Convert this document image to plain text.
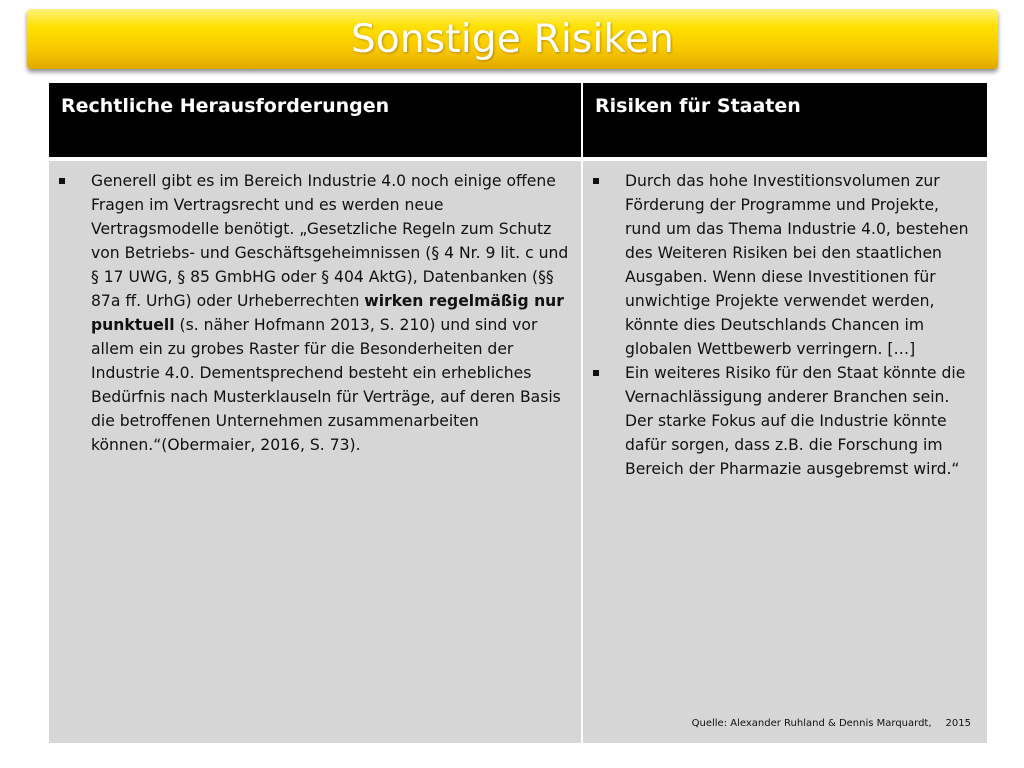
Sonstige Risiken
Rechtliche Herausforderungen
Generell gibt es im Bereich Industrie 4.0 noch einige offene Fragen im Vertragsrecht und es werden neue Vertragsmodelle benötigt. „Gesetzliche Regeln zum Schutz von Betriebs- und Geschäftsgeheimnissen (§ 4 Nr. 9 lit. c und § 17 UWG, § 85 GmbHG oder § 404 AktG), Datenbanken (§§ 87a ff. UrhG) oder Urheberrechten wirken regelmäßig nur punktuell (s. näher Hofmann 2013, S. 210) und sind vor allem ein zu grobes Raster für die Besonderheiten der Industrie 4.0. Dementsprechend besteht ein erhebliches Bedürfnis nach Musterklauseln für Verträge, auf deren Basis die betroffenen Unternehmen zusammenarbeiten können.“(Obermaier, 2016, S. 73).
Risiken für Staaten
Durch das hohe Investitionsvolumen zur Förderung der Programme und Projekte, rund um das Thema Industrie 4.0, bestehen des Weiteren Risiken bei den staatlichen Ausgaben. Wenn diese Investitionen für unwichtige Projekte verwendet werden, könnte dies Deutschlands Chancen im globalen Wettbewerb verringern. […]
Ein weiteres Risiko für den Staat könnte die Vernachlässigung anderer Branchen sein. Der starke Fokus auf die Industrie könnte dafür sorgen, dass z.B. die Forschung im Bereich der Pharmazie ausgebremst wird.“
Quelle: Alexander Ruhland & Dennis Marquardt, 2015
